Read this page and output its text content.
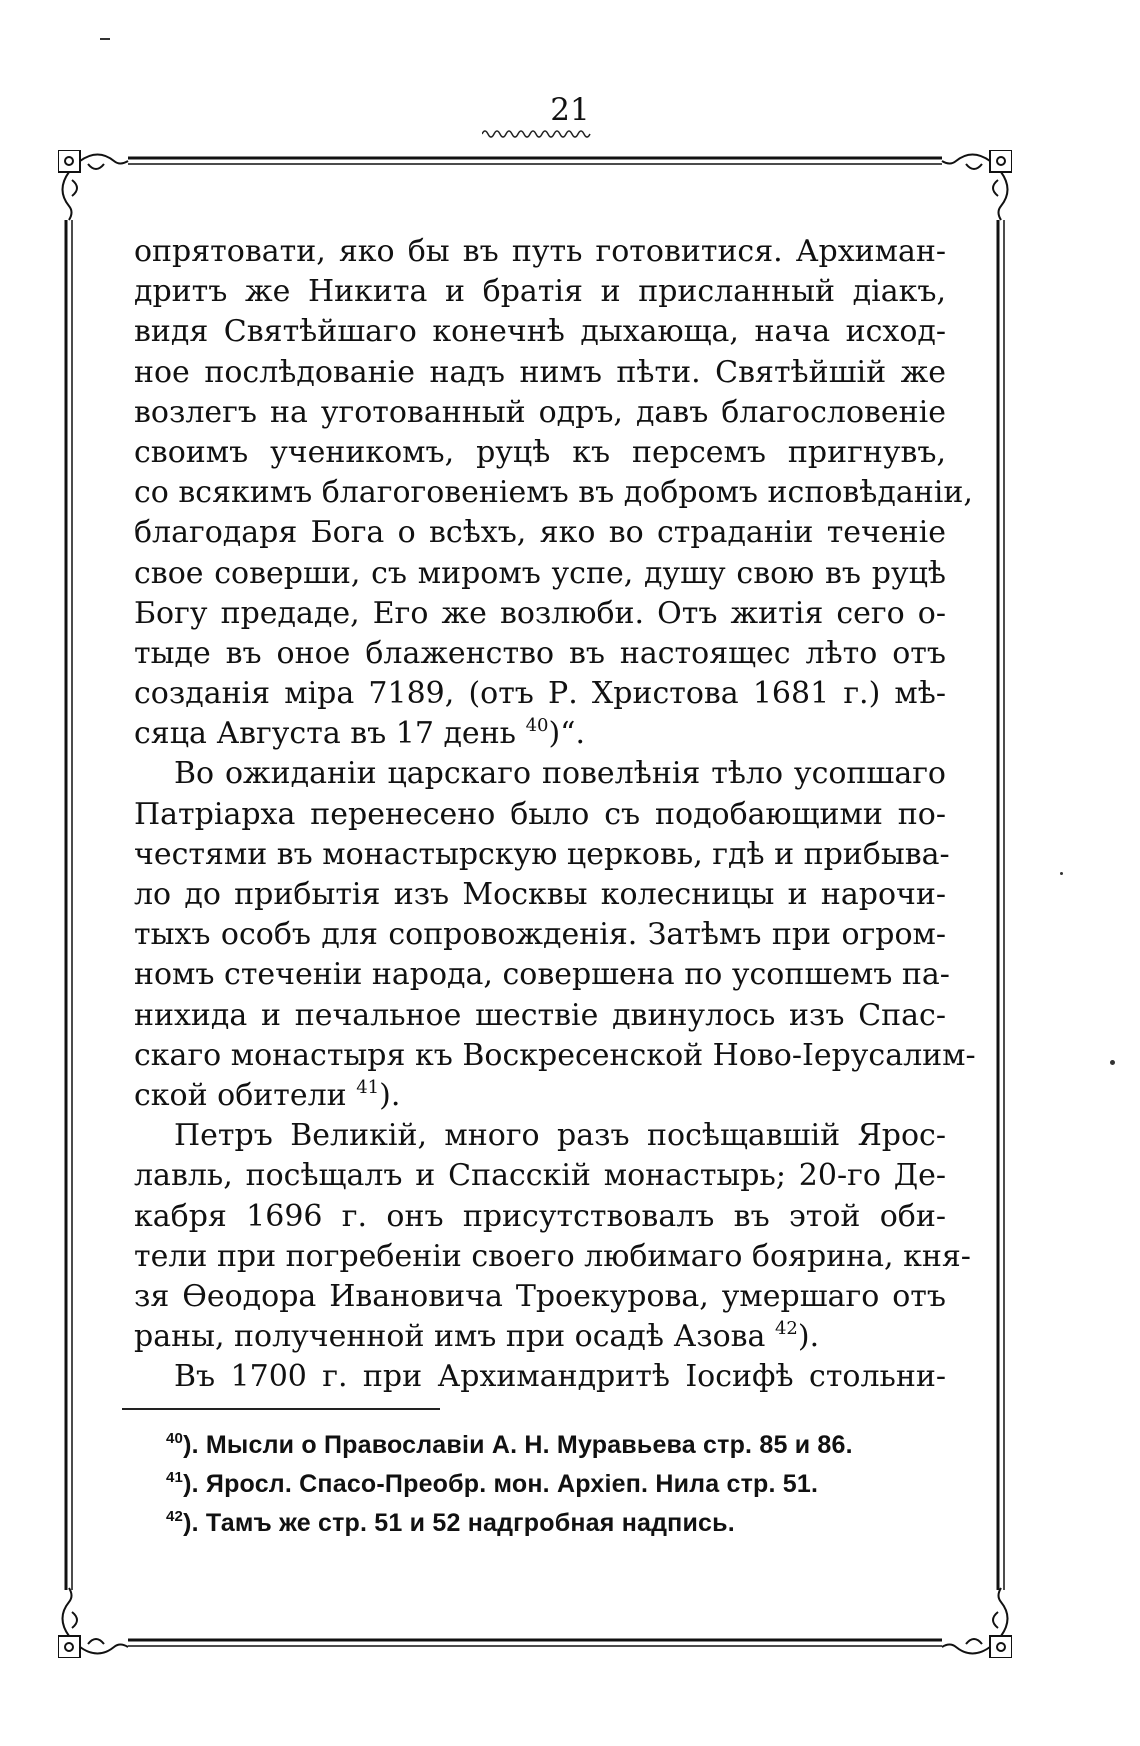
21
опрятовати, яко бы въ путь готовитися. Архиман-
дритъ же Никита и братія и присланный діакъ,
видя Святѣйшаго конечнѣ дыхающа, нача исход-
ное послѣдованіе надъ нимъ пѣти. Святѣйшій же
возлегъ на уготованный одръ, давъ благословеніе
своимъ ученикомъ, руцѣ къ персемъ пригнувъ,
со всякимъ благоговеніемъ въ добромъ исповѣданіи,
благодаря Бога о всѣхъ, яко во страданіи теченіе
свое соверши, съ миромъ успе, душу свою въ руцѣ
Богу предаде, Его же возлюби. Отъ житія сего о-
тыде въ оное блаженство въ настоящес лѣто отъ
созданія міра 7189, (отъ Р. Христова 1681 г.) мѣ-
сяца Августа въ 17 день $^{40}$)“.
Во ожиданіи царскаго повелѣнія тѣло усопшаго
Патріарха перенесено было съ подобающими по-
честями въ монастырскую церковь, гдѣ и прибыва-
ло до прибытія изъ Москвы колесницы и нарочи-
тыхъ особъ для сопровожденія. Затѣмъ при огром-
номъ стеченіи народа, совершена по усопшемъ па-
нихида и печальное шествіе двинулось изъ Спас-
скаго монастыря къ Воскресенской Ново-Іерусалим-
ской обители $^{41}$).
Петръ Великій, много разъ посѣщавшій Ярос-
лавль, посѣщалъ и Спасскій монастырь; 20-го Де-
кабря 1696 г. онъ присутствовалъ въ этой оби-
тели при погребеніи своего любимаго боярина, кня-
зя Ѳеодора Ивановича Троекурова, умершаго отъ
раны, полученной имъ при осадѣ Азова $^{42}$).
Въ 1700 г. при Архимандритѣ Іосифѣ стольни-
$^{40}$). Мысли о Православіи А. Н. Муравьева стр. 85 и 86.
$^{41}$). Яросл. Спасо-Преобр. мон. Архіеп. Нила стр. 51.
$^{42}$). Тамъ же стр. 51 и 52 надгробная надпись.
